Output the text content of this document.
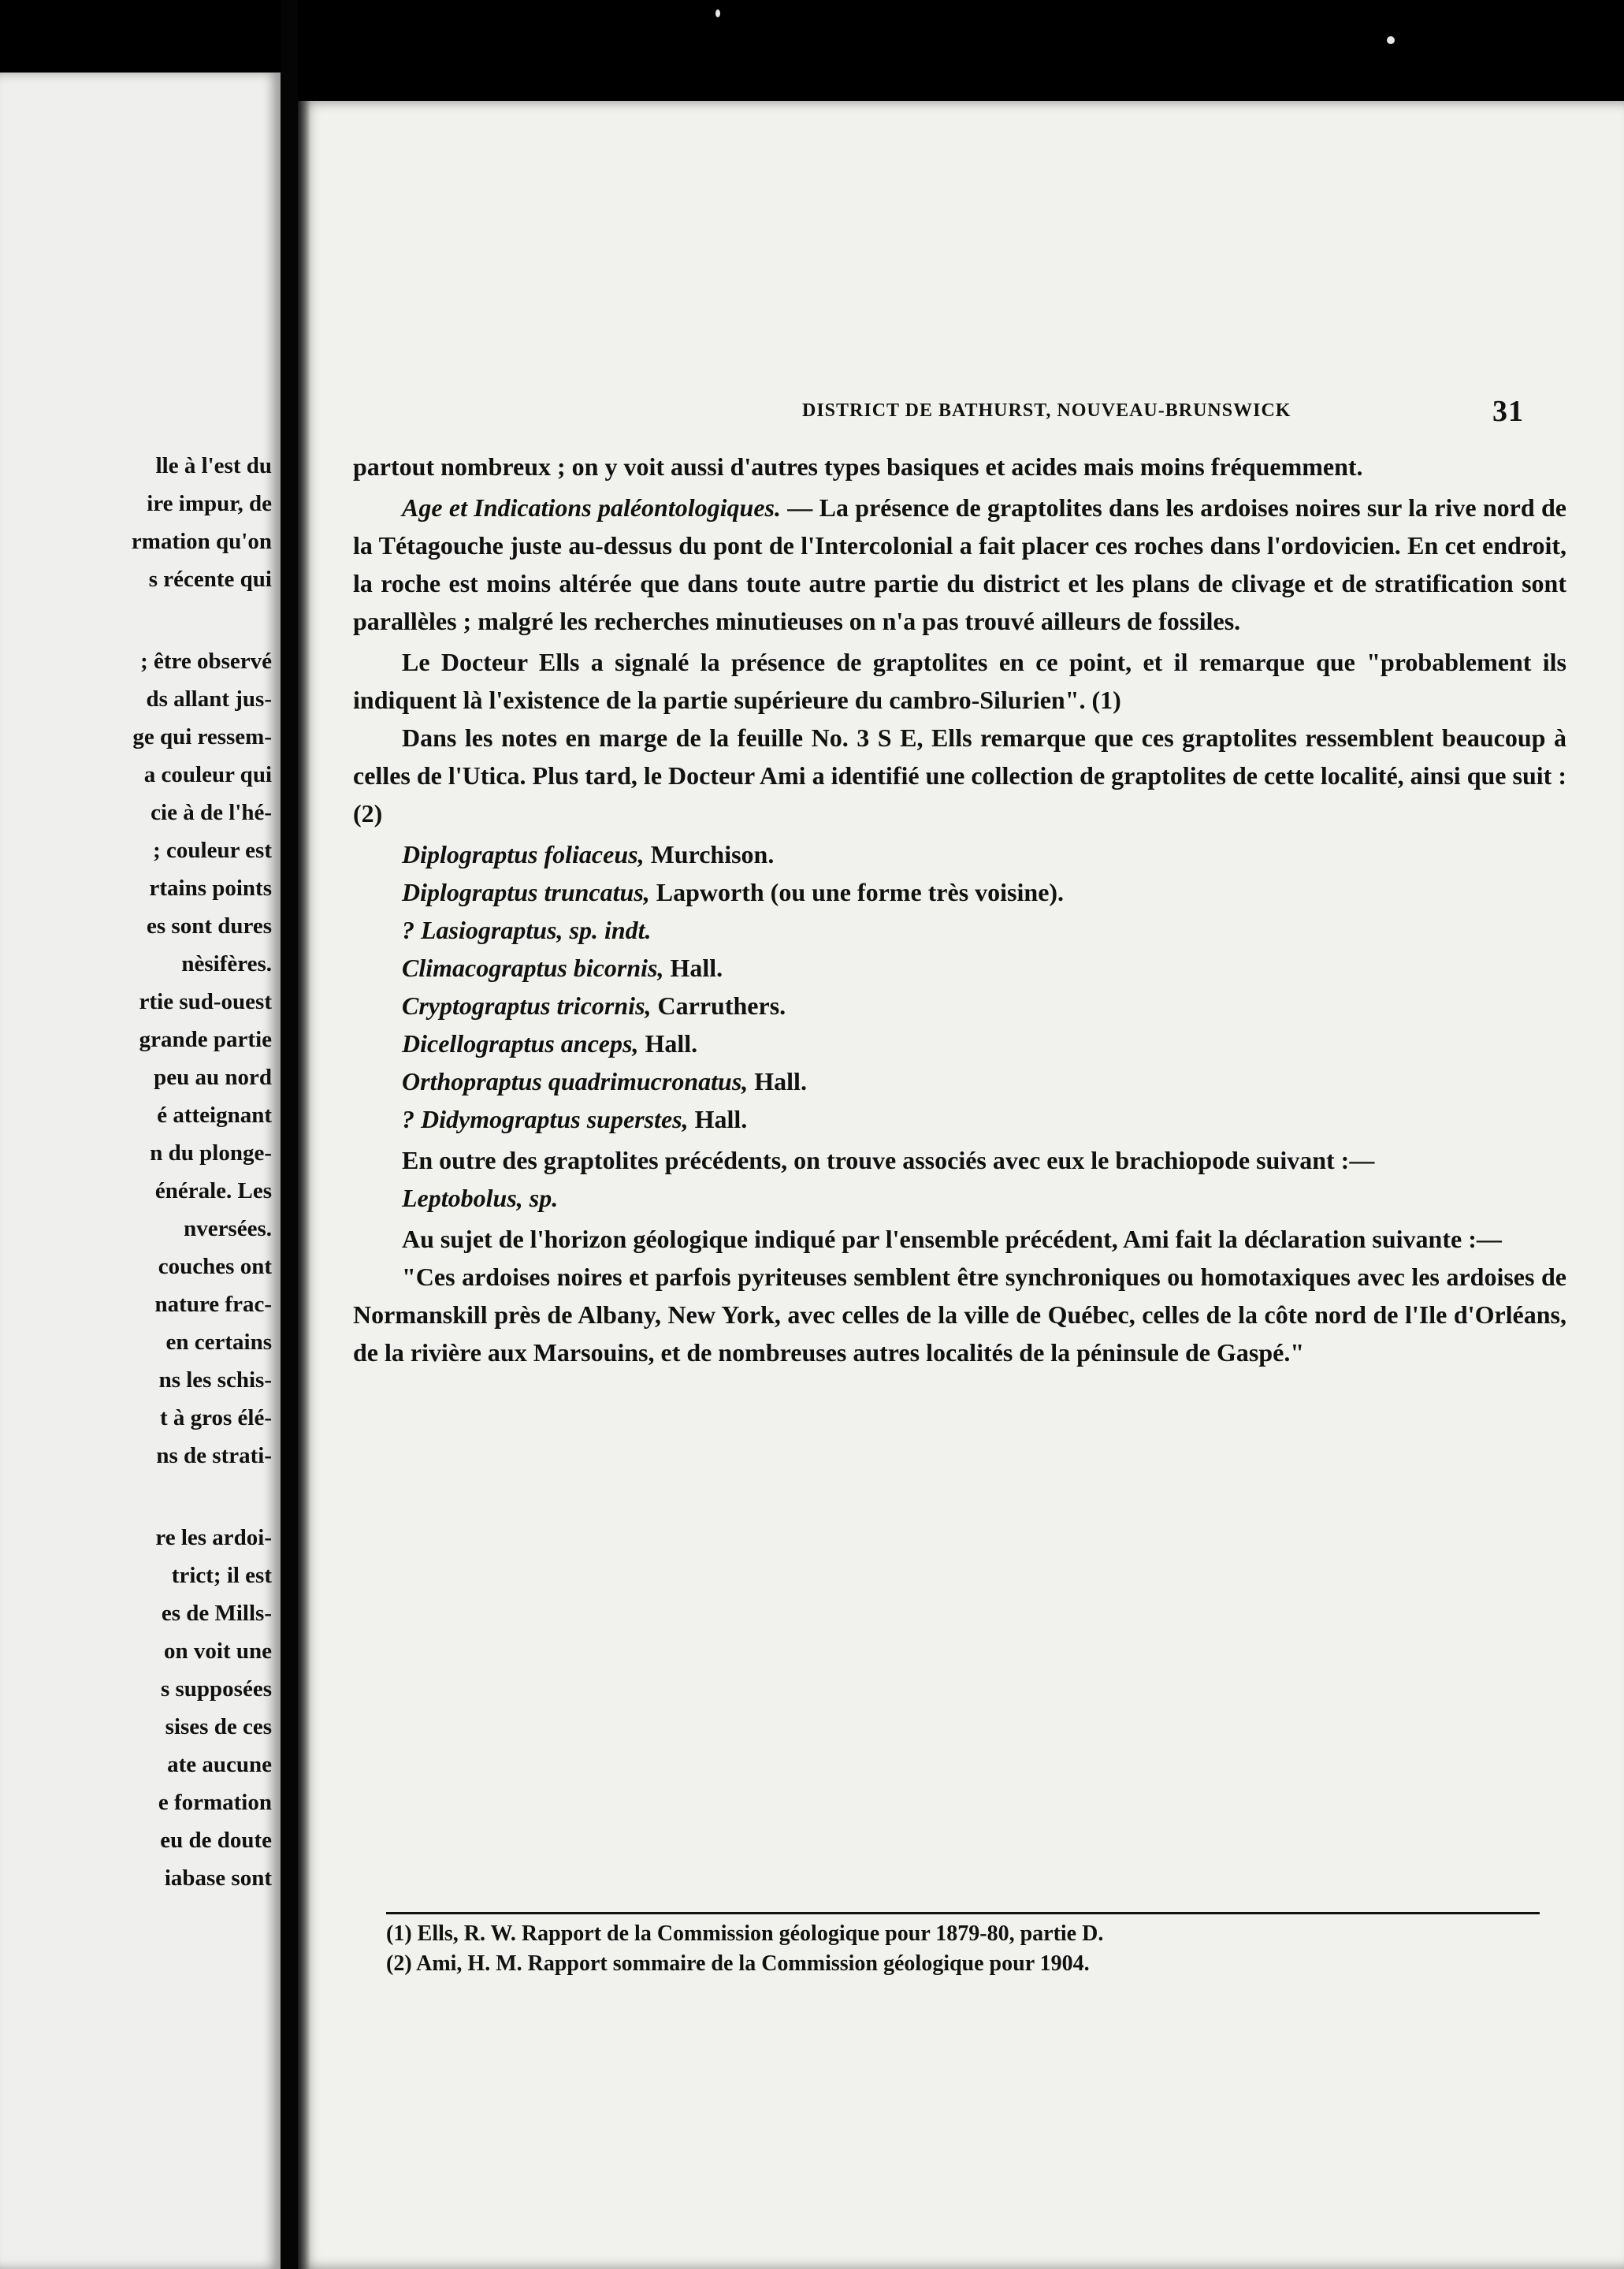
lle à l'est du
ire impur, de
rmation qu'on
s récente qui
; être observé
ds allant jus-
ge qui ressem-
a couleur qui
cie à de l'hé-
; couleur est
rtains points
es sont dures
nèsifères.
rtie sud-ouest
grande partie
peu au nord
é atteignant
n du plonge-
énérale. Les
nversées.
couches ont
nature frac-
en certains
ns les schis-
t à gros élé-
ns de strati-
re les ardoi-
trict; il est
es de Mills-
on voit une
s supposées
sises de ces
ate aucune
e formation
eu de doute
iabase sont
DISTRICT DE BATHURST, NOUVEAU-BRUNSWICK	31

partout nombreux ; on y voit aussi d'autres types basiques et acides mais moins fréquemment.

Age et Indications paléontologiques. — La présence de graptolites dans les ardoises noires sur la rive nord de la Tétagouche juste au-dessus du pont de l'Intercolonial a fait placer ces roches dans l'ordovicien. En cet endroit, la roche est moins altérée que dans toute autre partie du district et les plans de clivage et de stratification sont parallèles ; malgré les recherches minutieuses on n'a pas trouvé ailleurs de fossiles.

Le Docteur Ells a signalé la présence de graptolites en ce point, et il remarque que "probablement ils indiquent là l'existence de la partie supérieure du cambro-Silurien". (1)

Dans les notes en marge de la feuille No. 3 S E, Ells remarque que ces graptolites ressemblent beaucoup à celles de l'Utica. Plus tard, le Docteur Ami a identifié une collection de graptolites de cette localité, ainsi que suit : (2)

Diplograptus foliaceus, Murchison.
Diplograptus truncatus, Lapworth (ou une forme très voisine).
? Lasiograptus, sp. indt.
Climacograptus bicornis, Hall.
Cryptograptus tricornis, Carruthers.
Dicellograptus anceps, Hall.
Orthopraptus quadrimucronatus, Hall.
? Didymograptus superstes, Hall.

En outre des graptolites précédents, on trouve associés avec eux le brachiopode suivant :—

Leptobolus, sp.

Au sujet de l'horizon géologique indiqué par l'ensemble précédent, Ami fait la déclaration suivante :—

"Ces ardoises noires et parfois pyriteuses semblent être synchroniques ou homotaxiques avec les ardoises de Normanskill près de Albany, New York, avec celles de la ville de Québec, celles de la côte nord de l'Ile d'Orléans, de la rivière aux Marsouins, et de nombreuses autres localités de la péninsule de Gaspé."

(1) Ells, R. W. Rapport de la Commission géologique pour 1879-80, partie D.

(2) Ami, H. M. Rapport sommaire de la Commission géologique pour 1904.
